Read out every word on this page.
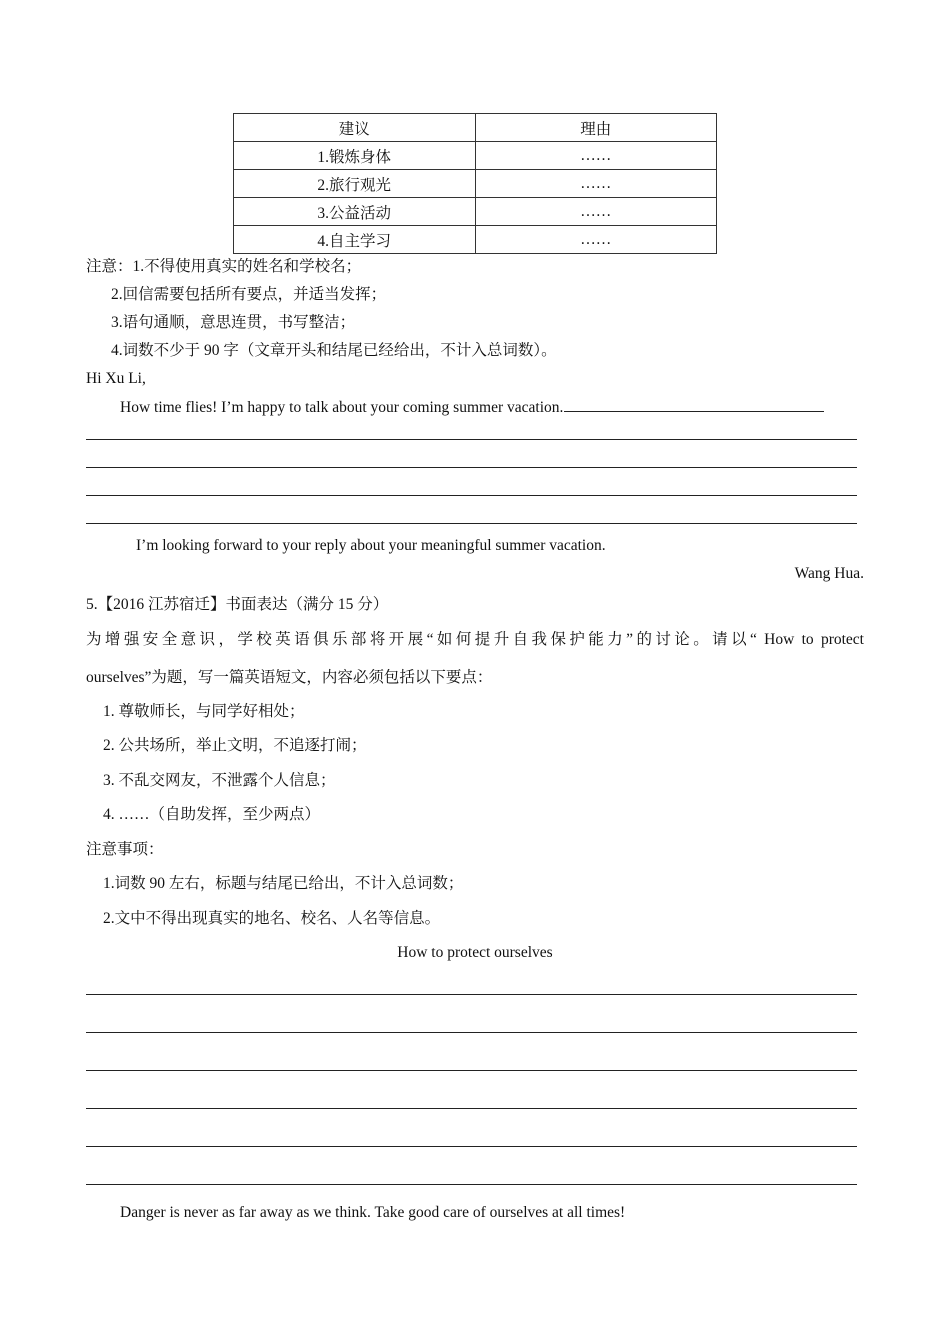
建议	理由
1.锻炼身体	……
2.旅行观光	……
3.公益活动	……
4.自主学习	……
注意：1.不得使用真实的姓名和学校名；
2.回信需要包括所有要点，并适当发挥；
3.语句通顺，意思连贯，书写整洁；
4.词数不少于 90 字（文章开头和结尾已经给出，不计入总词数）。
Hi Xu Li,
How time flies! I’m happy to talk about your coming summer vacation.
I’m looking forward to your reply about your meaningful summer vacation.
Wang Hua.
5.【2016 江苏宿迁】书面表达（满分 15 分）
为增强安全意识，学校英语俱乐部将开展“如何提升自我保护能力”的讨论。请以“ How to protect
ourselves”为题，写一篇英语短文，内容必须包括以下要点：
1. 尊敬师长，与同学好相处；
2. 公共场所，举止文明，不追逐打闹；
3. 不乱交网友，不泄露个人信息；
4. ……（自助发挥，至少两点）
注意事项：
1.词数 90 左右，标题与结尾已给出，不计入总词数；
2.文中不得出现真实的地名、校名、人名等信息。
How to protect ourselves
Danger is never as far away as we think. Take good care of ourselves at all times!
